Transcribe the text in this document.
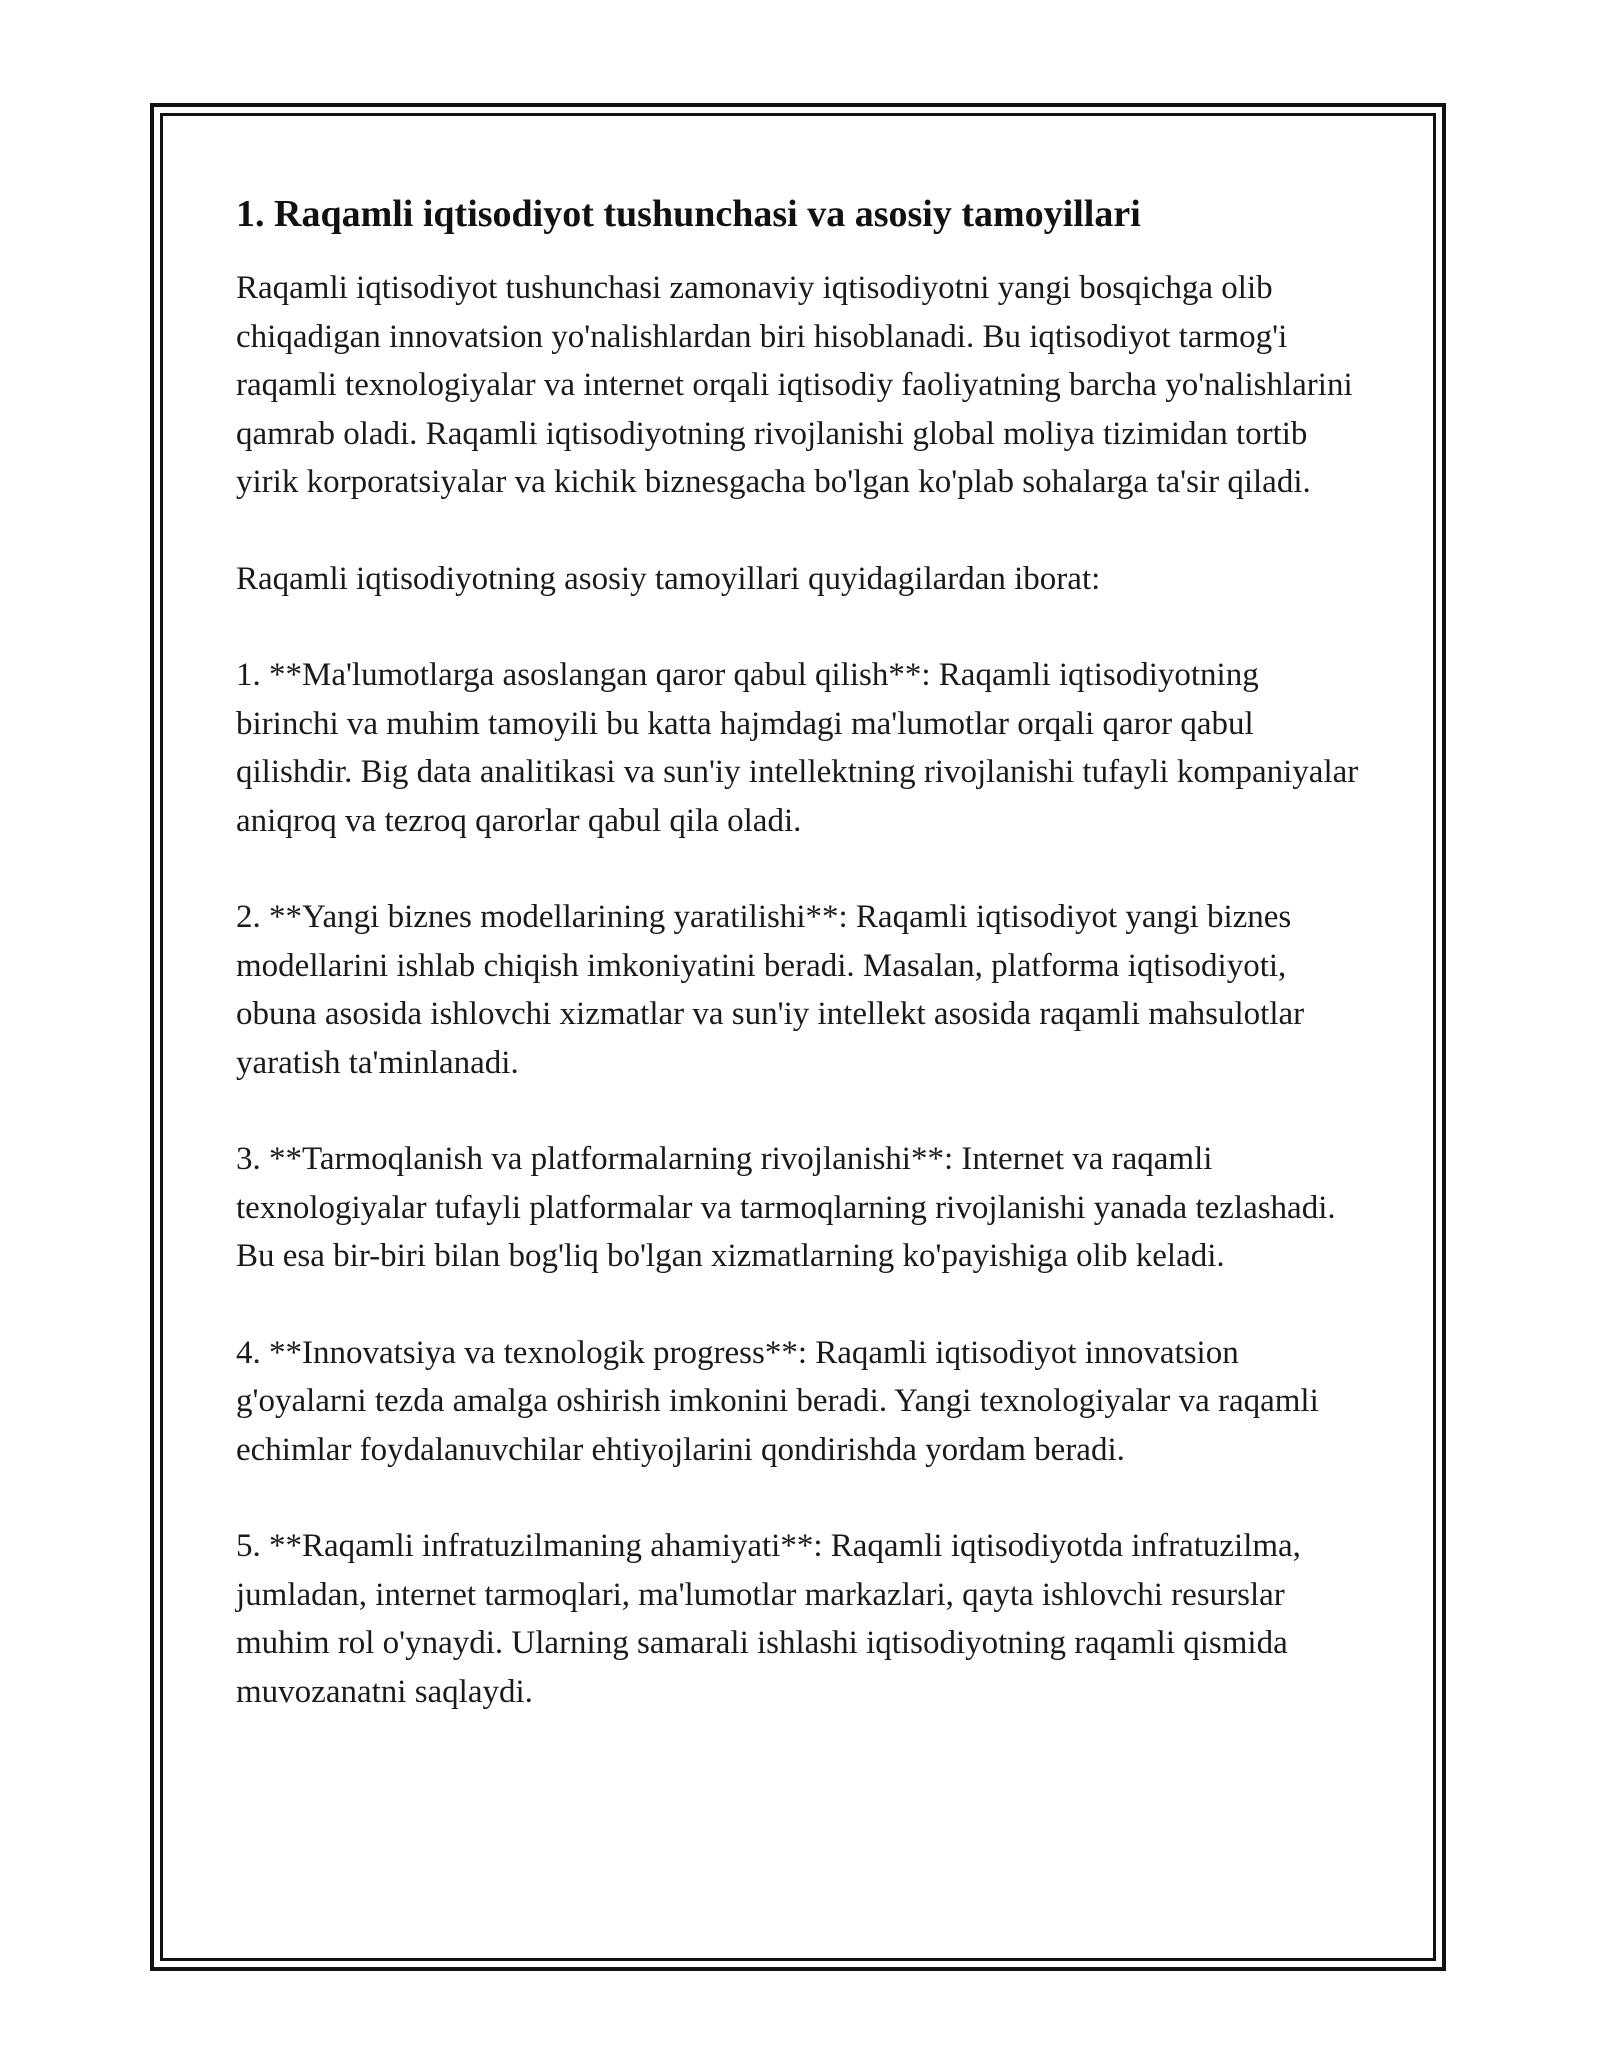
1. Raqamli iqtisodiyot tushunchasi va asosiy tamoyillari

Raqamli iqtisodiyot tushunchasi zamonaviy iqtisodiyotni yangi bosqichga olib chiqadigan innovatsion yo'nalishlardan biri hisoblanadi. Bu iqtisodiyot tarmog'i raqamli texnologiyalar va internet orqali iqtisodiy faoliyatning barcha yo'nalishlarini qamrab oladi. Raqamli iqtisodiyotning rivojlanishi global moliya tizimidan tortib yirik korporatsiyalar va kichik biznesgacha bo'lgan ko'plab sohalarga ta'sir qiladi.

Raqamli iqtisodiyotning asosiy tamoyillari quyidagilardan iborat:

1. **Ma'lumotlarga asoslangan qaror qabul qilish**: Raqamli iqtisodiyotning birinchi va muhim tamoyili bu katta hajmdagi ma'lumotlar orqali qaror qabul qilishdir. Big data analitikasi va sun'iy intellektning rivojlanishi tufayli kompaniyalar aniqroq va tezroq qarorlar qabul qila oladi.

2. **Yangi biznes modellarining yaratilishi**: Raqamli iqtisodiyot yangi biznes modellarini ishlab chiqish imkoniyatini beradi. Masalan, platforma iqtisodiyoti, obuna asosida ishlovchi xizmatlar va sun'iy intellekt asosida raqamli mahsulotlar yaratish ta'minlanadi.

3. **Tarmoqlanish va platformalarning rivojlanishi**: Internet va raqamli texnologiyalar tufayli platformalar va tarmoqlarning rivojlanishi yanada tezlashadi. Bu esa bir-biri bilan bog'liq bo'lgan xizmatlarning ko'payishiga olib keladi.

4. **Innovatsiya va texnologik progress**: Raqamli iqtisodiyot innovatsion g'oyalarni tezda amalga oshirish imkonini beradi. Yangi texnologiyalar va raqamli echimlar foydalanuvchilar ehtiyojlarini qondirishda yordam beradi.

5. **Raqamli infratuzilmaning ahamiyati**: Raqamli iqtisodiyotda infratuzilma, jumladan, internet tarmoqlari, ma'lumotlar markazlari, qayta ishlovchi resurslar muhim rol o'ynaydi. Ularning samarali ishlashi iqtisodiyotning raqamli qismida muvozanatni saqlaydi.
